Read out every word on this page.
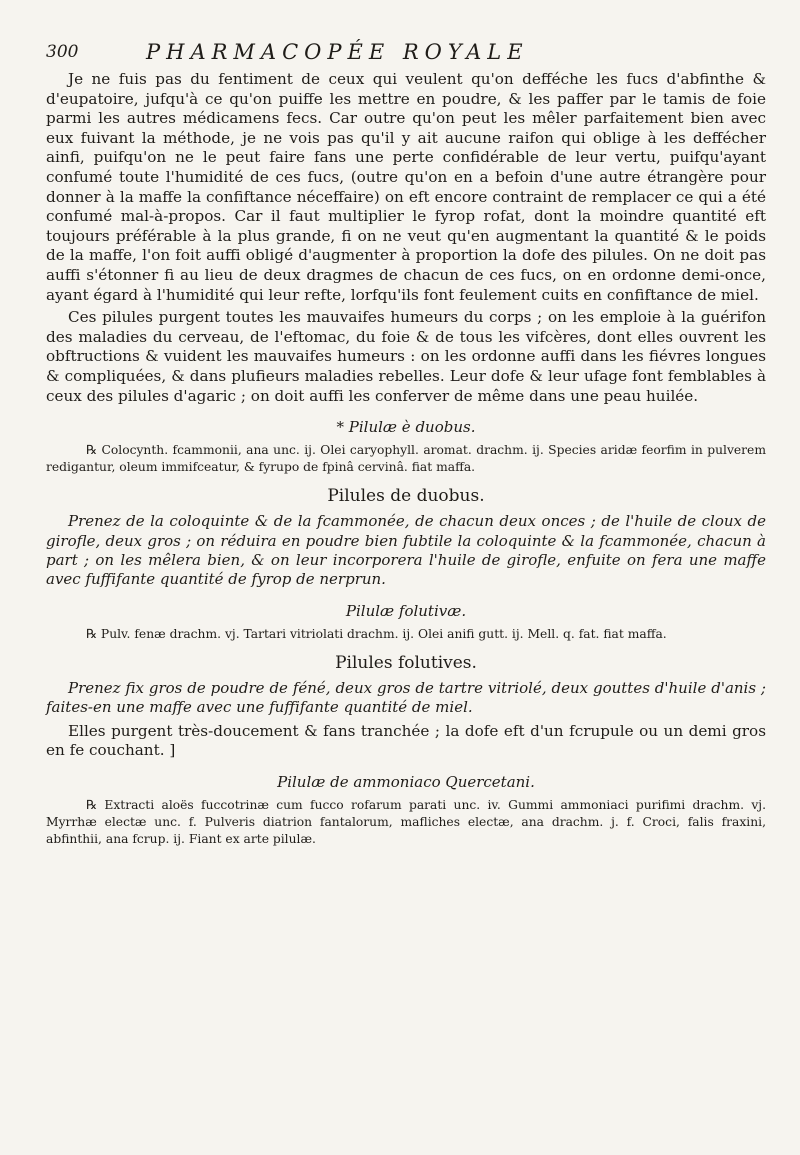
300	PHARMACOPÉE ROYALE

Je ne fuis pas du fentiment de ceux qui veulent qu'on defféche les fucs d'abfinthe & d'eupatoire, jufqu'à ce qu'on puiffe les mettre en poudre, & les paffer par le tamis de foie parmi les autres médicamens fecs. Car outre qu'on peut les mêler parfaitement bien avec eux fuivant la méthode, je ne vois pas qu'il y ait aucune raifon qui oblige à les deffécher ainfi, puifqu'on ne le peut faire fans une perte confidérable de leur vertu, puifqu'ayant confumé toute l'humidité de ces fucs, (outre qu'on en a befoin d'une autre étrangère pour donner à la maffe la confiftance néceffaire) on eft encore contraint de remplacer ce qui a été confumé mal-à-propos. Car il faut multiplier le fyrop rofat, dont la moindre quantité eft toujours préférable à la plus grande, fi on ne veut qu'en augmentant la quantité & le poids de la maffe, l'on foit auffi obligé d'augmenter à proportion la dofe des pilules. On ne doit pas auffi s'étonner fi au lieu de deux dragmes de chacun de ces fucs, on en ordonne demi-once, ayant égard à l'humidité qui leur refte, lorfqu'ils font feulement cuits en confiftance de miel.

Ces pilules purgent toutes les mauvaifes humeurs du corps ; on les emploie à la guérifon des maladies du cerveau, de l'eftomac, du foie & de tous les vifcères, dont elles ouvrent les obftructions & vuident les mauvaifes humeurs : on les ordonne auffi dans les fiévres longues & compliquées, & dans plufieurs maladies rebelles. Leur dofe & leur ufage font femblables à ceux des pilules d'agaric ; on doit auffi les conferver de même dans une peau huilée.

* Pilulæ è duobus.

℞ Colocynth. fcammonii, ana unc. ij. Olei caryophyll. aromat. drachm. ij. Species aridæ feorfim in pulverem redigantur, oleum immifceatur, & fyrupo de fpinâ cervinâ. fiat maffa.

Pilules de duobus.

Prenez de la coloquinte & de la fcammonée, de chacun deux onces ; de l'huile de cloux de girofle, deux gros ; on réduira en poudre bien fubtile la coloquinte & la fcammonée, chacun à part ; on les mêlera bien, & on leur incorporera l'huile de girofle, enfuite on fera une maffe avec fuffifante quantité de fyrop de nerprun.

Pilulæ folutivæ.

℞ Pulv. fenæ drachm. vj. Tartari vitriolati drachm. ij. Olei anifi gutt. ij. Mell. q. fat. fiat maffa.

Pilules folutives.

Prenez fix gros de poudre de féné, deux gros de tartre vitriolé, deux gouttes d'huile d'anis ; faites-en une maffe avec une fuffifante quantité de miel.

Elles purgent très-doucement & fans tranchée ; la dofe eft d'un fcrupule ou un demi gros en fe couchant. ]

Pilulæ de ammoniaco Quercetani.

℞ Extracti aloës fuccotrinæ cum fucco rofarum parati unc. iv. Gummi ammoniaci purifimi drachm. vj. Myrrhæ electæ unc. f. Pulveris diatrion fantalorum, mafliches electæ, ana drachm. j. f. Croci, falis fraxini, abfinthii, ana fcrup. ij. Fiant ex arte pilulæ.
